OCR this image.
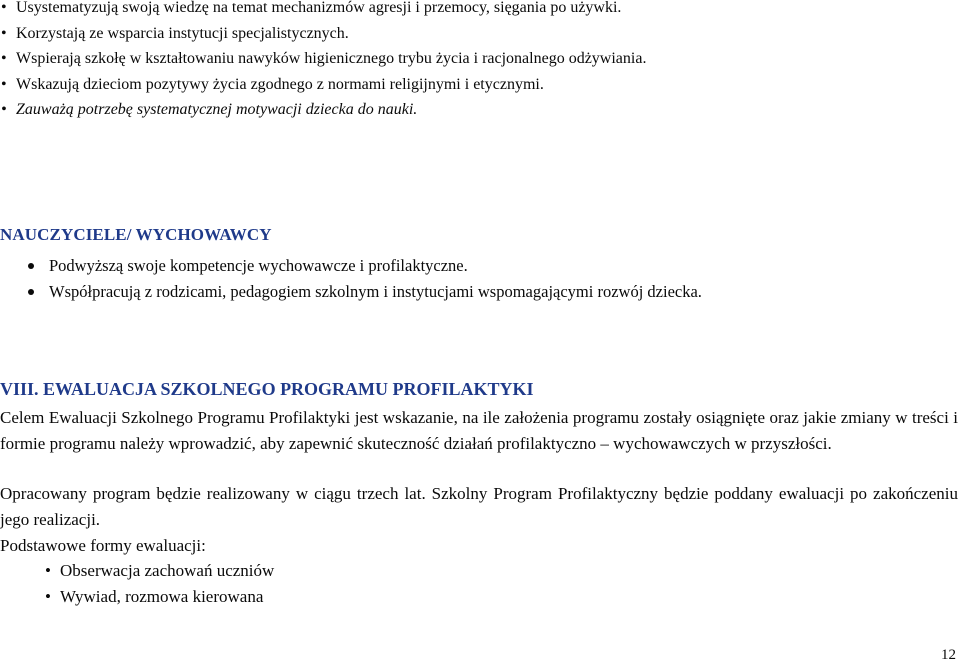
• Usystematyzują swoją wiedzę na temat mechanizmów agresji i przemocy, sięgania po używki.
• Korzystają ze wsparcia instytucji specjalistycznych.
• Wspierają szkołę w kształtowaniu nawyków higienicznego trybu życia i racjonalnego odżywiania.
• Wskazują dzieciom pozytywy życia zgodnego z normami religijnymi i etycznymi.
• Zauważą potrzebę systematycznej motywacji dziecka do nauki.
NAUCZYCIELE/ WYCHOWAWCY
Podwyższą swoje kompetencje wychowawcze i profilaktyczne.
Współpracują z rodzicami, pedagogiem szkolnym i instytucjami wspomagającymi rozwój dziecka.
VIII. EWALUACJA SZKOLNEGO PROGRAMU PROFILAKTYKI

Celem Ewaluacji Szkolnego Programu Profilaktyki jest wskazanie, na ile założenia programu zostały osiągnięte oraz jakie zmiany w treści i formie programu należy wprowadzić, aby zapewnić skuteczność działań profilaktyczno – wychowawczych w przyszłości.

Opracowany program będzie realizowany w ciągu trzech lat. Szkolny Program Profilaktyczny będzie poddany ewaluacji po zakończeniu jego realizacji.

Podstawowe formy ewaluacji:

• Obserwacja zachowań uczniów
• Wywiad, rozmowa kierowana
12
